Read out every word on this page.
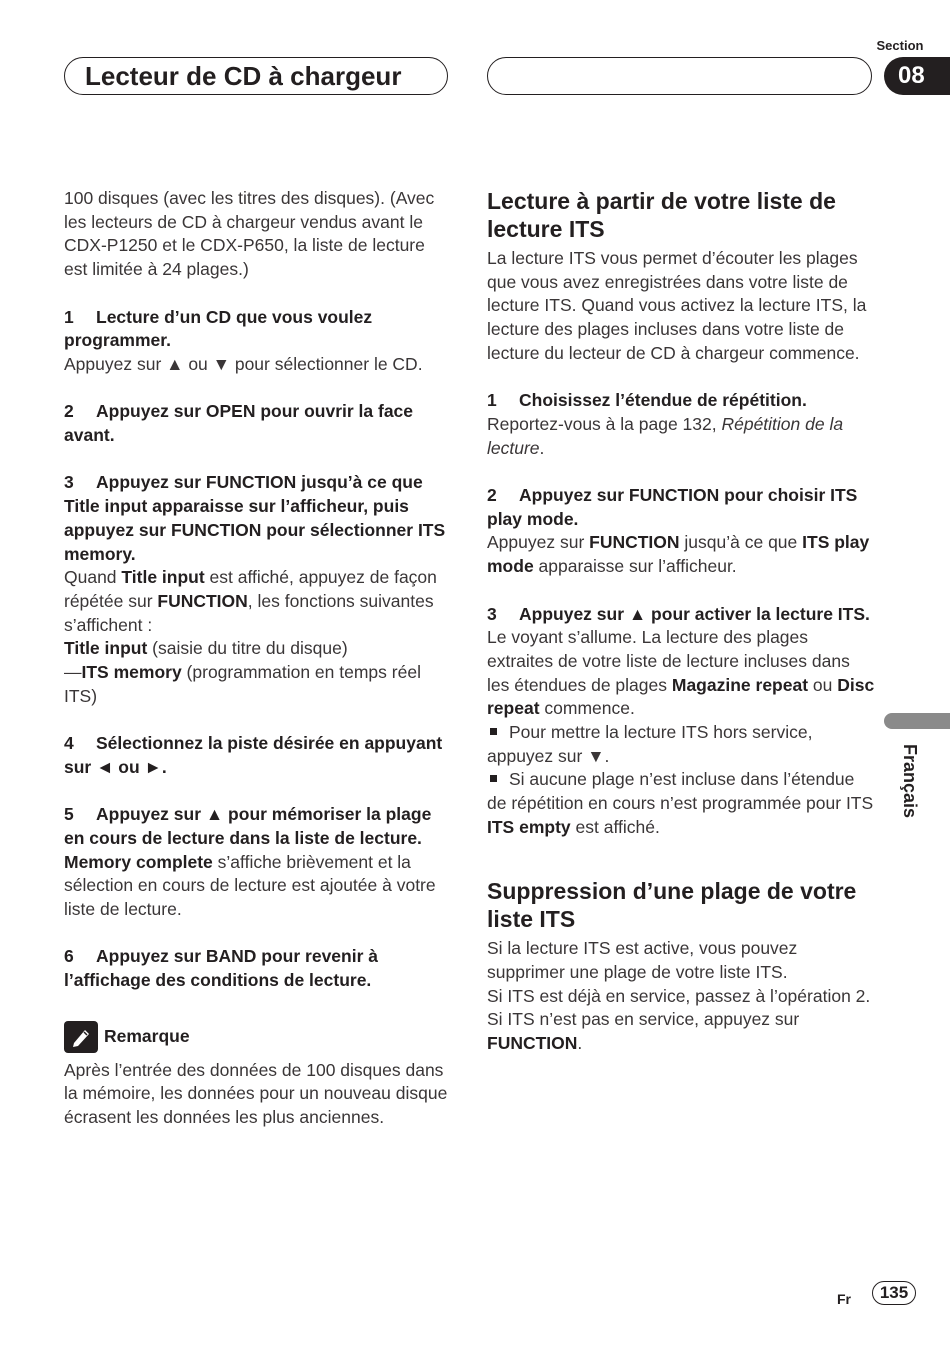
Section
08
Lecteur de CD à chargeur

100 disques (avec les titres des disques). (Avec les lecteurs de CD à chargeur vendus avant le CDX-P1250 et le CDX-P650, la liste de lecture est limitée à 24 plages.)

1 Lecture d’un CD que vous voulez programmer.

Appuyez sur ▲ ou ▼ pour sélectionner le CD.

2 Appuyez sur OPEN pour ouvrir la face avant.

3 Appuyez sur FUNCTION jusqu’à ce que Title input apparaisse sur l’afficheur, puis appuyez sur FUNCTION pour sélectionner ITS memory.

Quand Title input est affiché, appuyez de façon répétée sur FUNCTION, les fonctions suivantes s’affichent :

Title input (saisie du titre du disque)

—ITS memory (programmation en temps réel ITS)

4 Sélectionnez la piste désirée en appuyant sur ◄ ou ►.

5 Appuyez sur ▲ pour mémoriser la plage en cours de lecture dans la liste de lecture.

Memory complete s’affiche brièvement et la sélection en cours de lecture est ajoutée à votre liste de lecture.

6 Appuyez sur BAND pour revenir à l’affichage des conditions de lecture.

Remarque

Après l’entrée des données de 100 disques dans la mémoire, les données pour un nouveau disque écrasent les données les plus anciennes.

Lecture à partir de votre liste de lecture ITS

La lecture ITS vous permet d’écouter les plages que vous avez enregistrées dans votre liste de lecture ITS. Quand vous activez la lecture ITS, la lecture des plages incluses dans votre liste de lecture du lecteur de CD à chargeur commence.

1 Choisissez l’étendue de répétition.

Reportez-vous à la page 132, Répétition de la lecture.

2 Appuyez sur FUNCTION pour choisir ITS play mode.

Appuyez sur FUNCTION jusqu’à ce que ITS play mode apparaisse sur l’afficheur.

3 Appuyez sur ▲ pour activer la lecture ITS.

Le voyant s’allume. La lecture des plages extraites de votre liste de lecture incluses dans les étendues de plages Magazine repeat ou Disc repeat commence.

Pour mettre la lecture ITS hors service, appuyez sur ▼.

Si aucune plage n’est incluse dans l’étendue de répétition en cours n’est programmée pour ITS ITS empty est affiché.

Suppression d’une plage de votre liste ITS

Si la lecture ITS est active, vous pouvez supprimer une plage de votre liste ITS.

Si ITS est déjà en service, passez à l’opération 2. Si ITS n’est pas en service, appuyez sur FUNCTION.

Français
Fr	135
